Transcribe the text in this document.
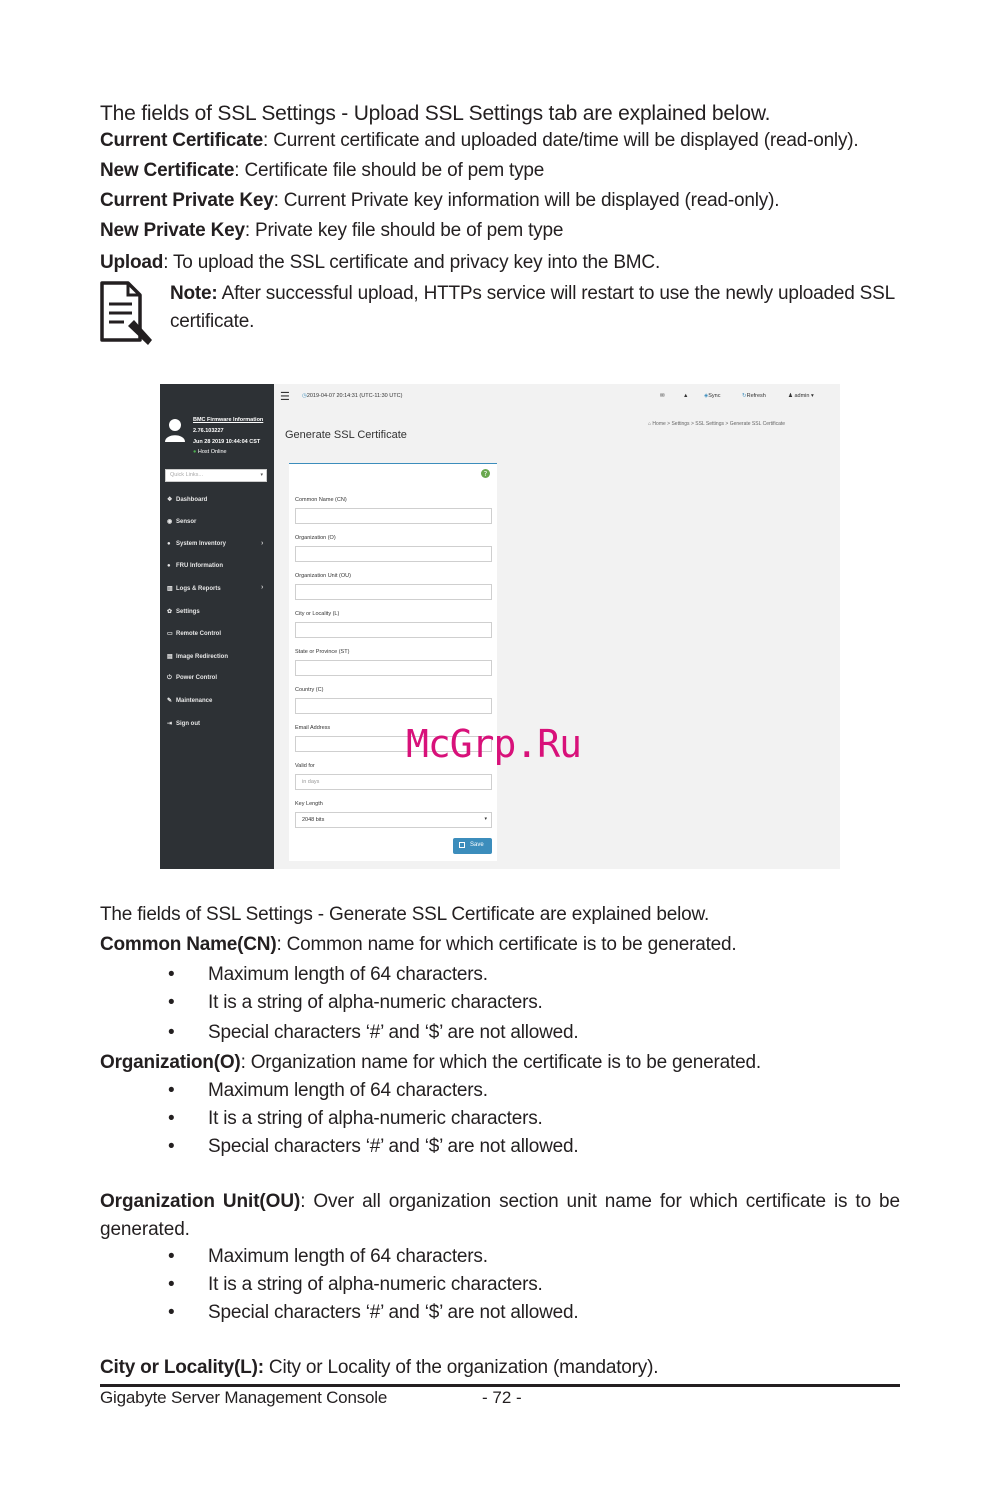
The fields of SSL Settings - Upload SSL Settings tab are explained below.
Current Certificate: Current certificate and uploaded date/time will be displayed (read-only).
New Certificate: Certificate file should be of pem type
Current Private Key: Current Private key information will be displayed (read-only).
New Private Key: Private key file should be of pem type
Upload: To upload the SSL certificate and privacy key into the BMC.
Note: After successful upload, HTTPs service will restart to use the newly uploaded SSL
certificate.
BMC Firmware Information
2.76.103227
Jun 28 2019 10:44:04 CST
● Host Online
Quick Links...	▾
❖ Dashboard
◉ Sensor
● System Inventory	›
● FRU Information
▥ Logs & Reports	›
✿ Settings
▭ Remote Control
▤ Image Redirection
⏻ Power Control
✎ Maintenance
⇥ Sign out
☰ ◷2019-04-07 20:14:31 (UTC-11:30 UTC)	✉	▲	◈Sync	↻Refresh	♟ admin ▾
Generate SSL Certificate
⌂ Home > Settings > SSL Settings > Generate SSL Certificate
?
Common Name (CN)
Organization (O)
Organization Unit (OU)
City or Locality (L)
State or Province (ST)
Country (C)
Email Address
Valid for
in days
Key Length
2048 bits	▾
Save
McGrp.Ru
The fields of SSL Settings - Generate SSL Certificate are explained below.
Common Name(CN): Common name for which certificate is to be generated.
• Maximum length of 64 characters.
• It is a string of alpha-numeric characters.
• Special characters ‘#’ and ‘$’ are not allowed.
Organization(O): Organization name for which the certificate is to be generated.
• Maximum length of 64 characters.
• It is a string of alpha-numeric characters.
• Special characters ‘#’ and ‘$’ are not allowed.
Organization Unit(OU): Over all organization section unit name for which certificate is to be generated.
• Maximum length of 64 characters.
• It is a string of alpha-numeric characters.
• Special characters ‘#’ and ‘$’ are not allowed.
City or Locality(L): City or Locality of the organization (mandatory).
Gigabyte Server Management Console	- 72 -
